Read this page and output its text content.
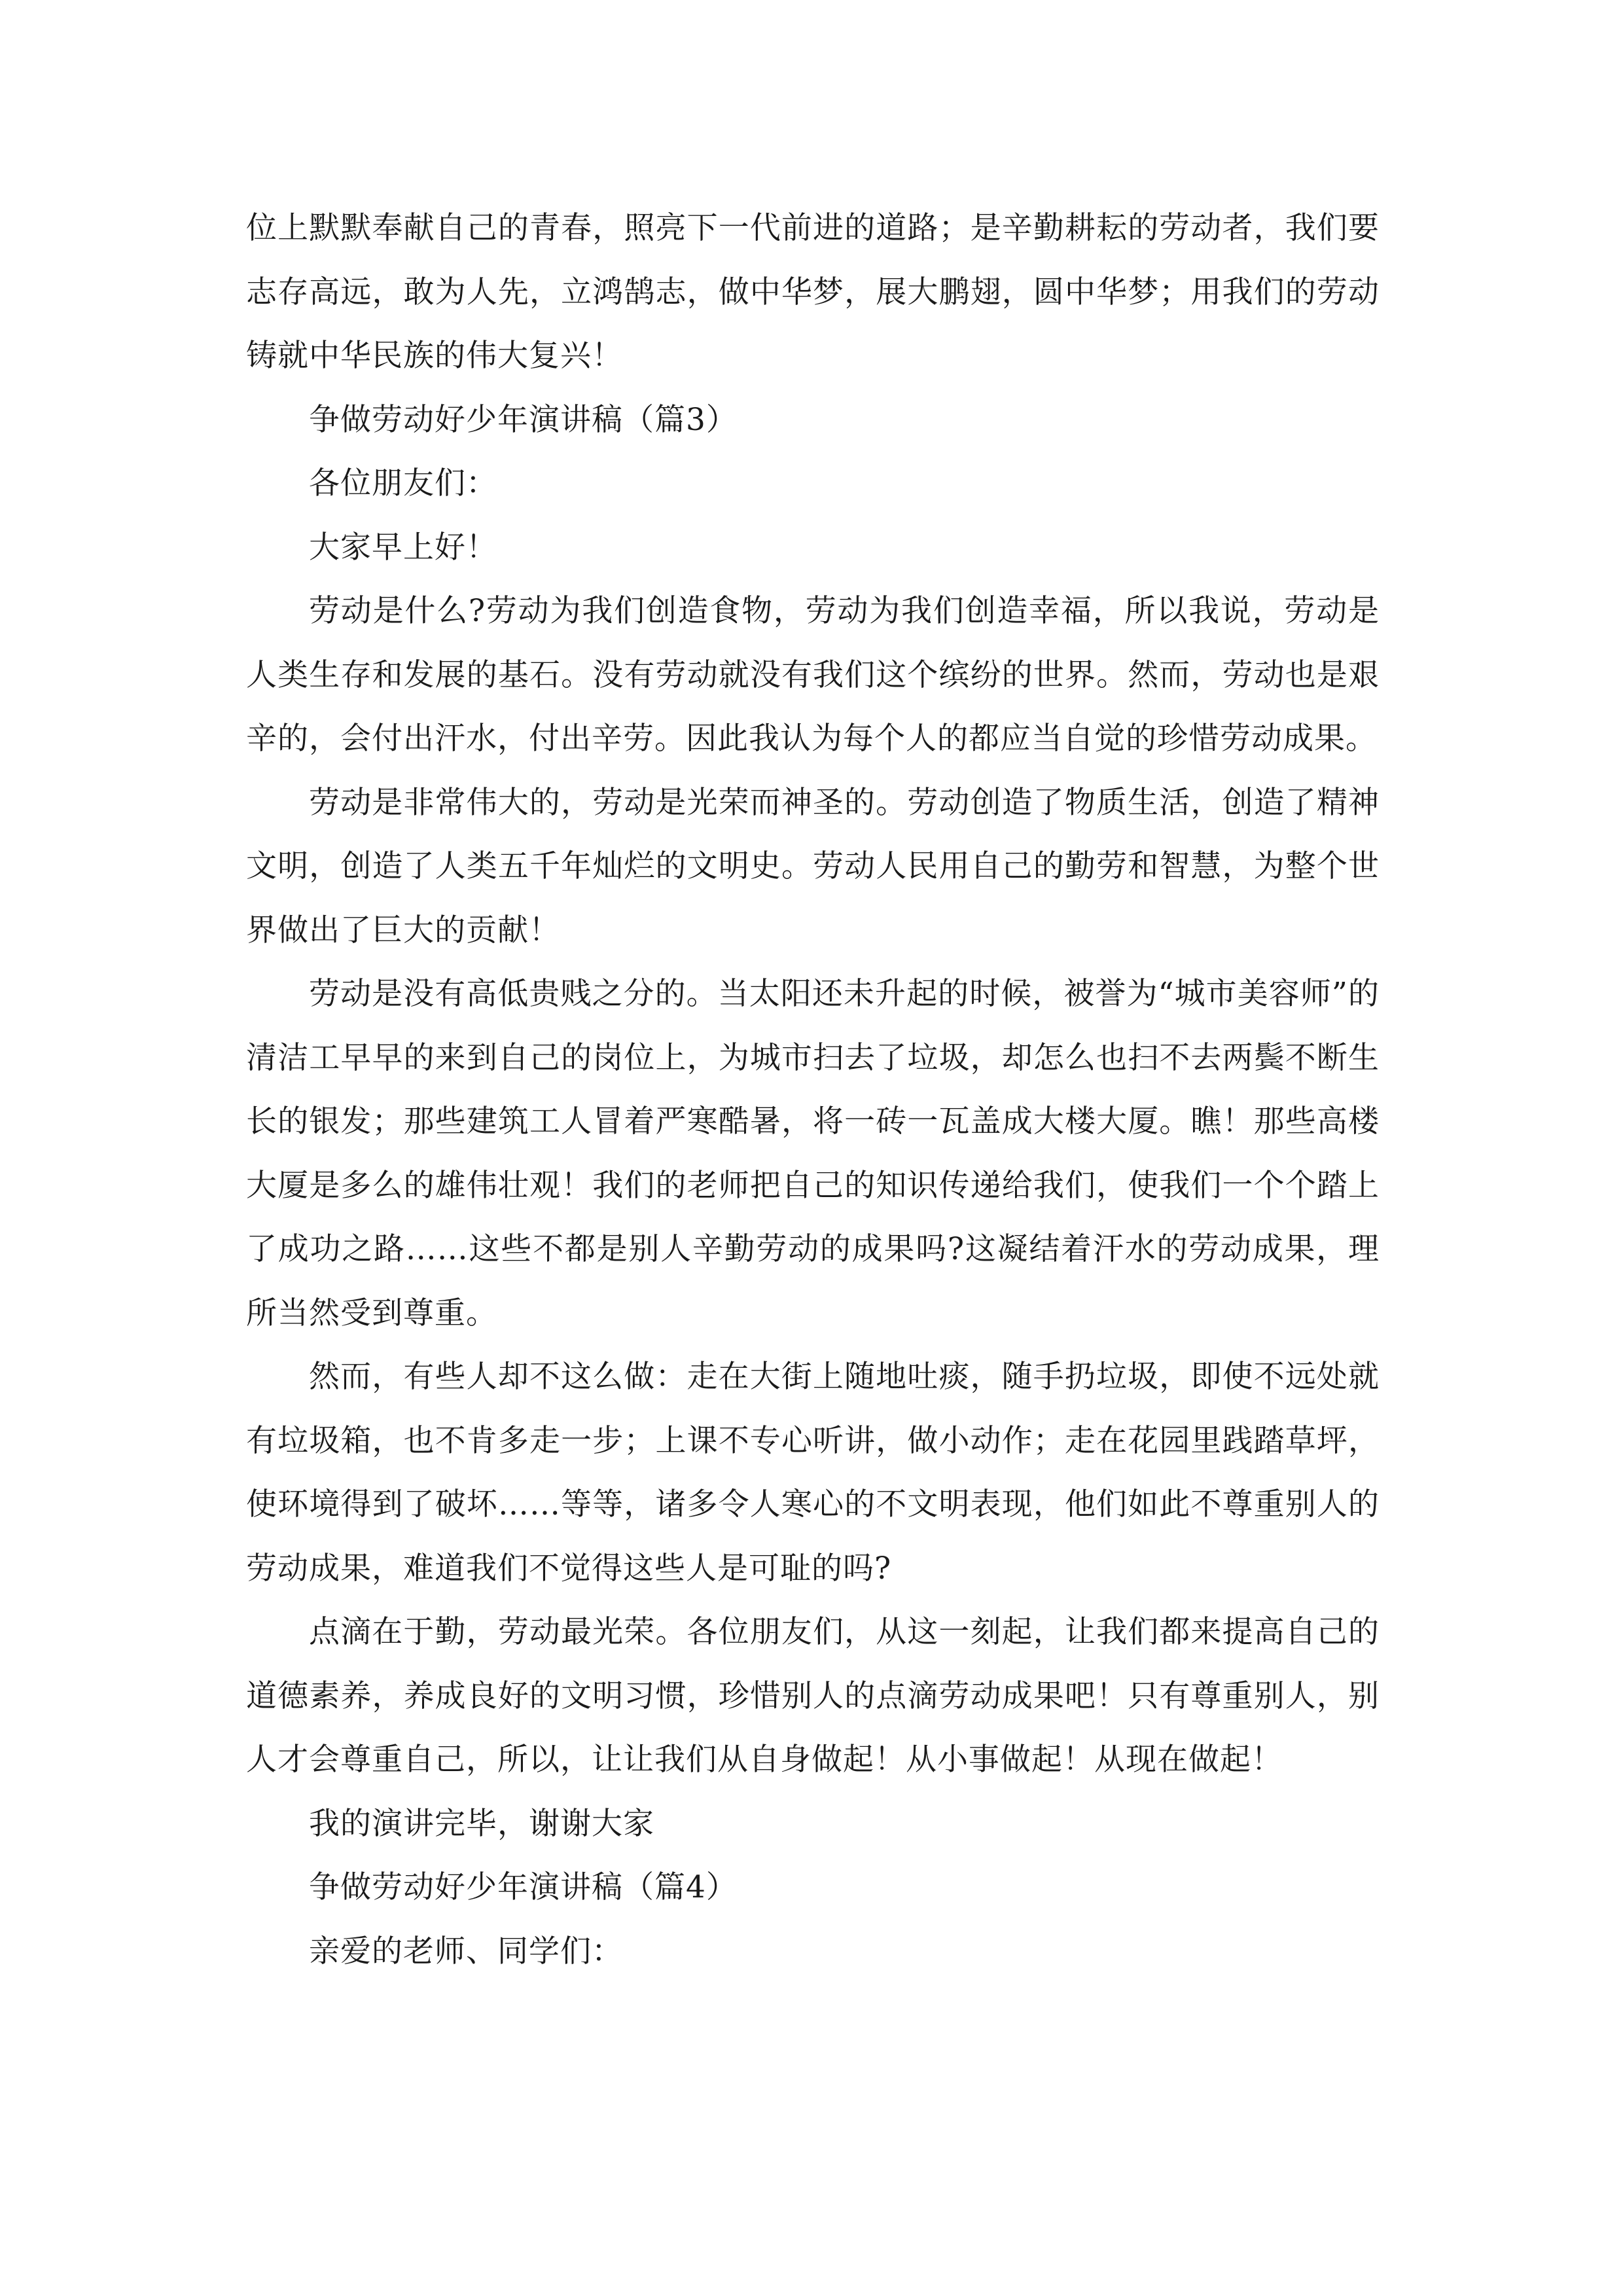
位上默默奉献自己的青春，照亮下一代前进的道路；是辛勤耕耘的劳动者，我们要志存高远，敢为人先，立鸿鹄志，做中华梦，展大鹏翅，圆中华梦；用我们的劳动铸就中华民族的伟大复兴！

争做劳动好少年演讲稿（篇3）

各位朋友们：

大家早上好！

劳动是什么?劳动为我们创造食物，劳动为我们创造幸福，所以我说，劳动是人类生存和发展的基石。没有劳动就没有我们这个缤纷的世界。然而，劳动也是艰辛的，会付出汗水，付出辛劳。因此我认为每个人的都应当自觉的珍惜劳动成果。

劳动是非常伟大的，劳动是光荣而神圣的。劳动创造了物质生活，创造了精神文明，创造了人类五千年灿烂的文明史。劳动人民用自己的勤劳和智慧，为整个世界做出了巨大的贡献！

劳动是没有高低贵贱之分的。当太阳还未升起的时候，被誉为“城市美容师”的清洁工早早的来到自己的岗位上，为城市扫去了垃圾，却怎么也扫不去两鬓不断生长的银发；那些建筑工人冒着严寒酷暑，将一砖一瓦盖成大楼大厦。瞧！那些高楼大厦是多么的雄伟壮观！我们的老师把自己的知识传递给我们，使我们一个个踏上了成功之路……这些不都是别人辛勤劳动的成果吗?这凝结着汗水的劳动成果，理所当然受到尊重。

然而，有些人却不这么做：走在大街上随地吐痰，随手扔垃圾，即使不远处就有垃圾箱，也不肯多走一步；上课不专心听讲，做小动作；走在花园里践踏草坪，使环境得到了破坏……等等，诸多令人寒心的不文明表现，他们如此不尊重别人的劳动成果，难道我们不觉得这些人是可耻的吗?

点滴在于勤，劳动最光荣。各位朋友们，从这一刻起，让我们都来提高自己的道德素养，养成良好的文明习惯，珍惜别人的点滴劳动成果吧！只有尊重别人，别人才会尊重自己，所以，让让我们从自身做起！从小事做起！从现在做起！

我的演讲完毕，谢谢大家

争做劳动好少年演讲稿（篇4）

亲爱的老师、同学们：
